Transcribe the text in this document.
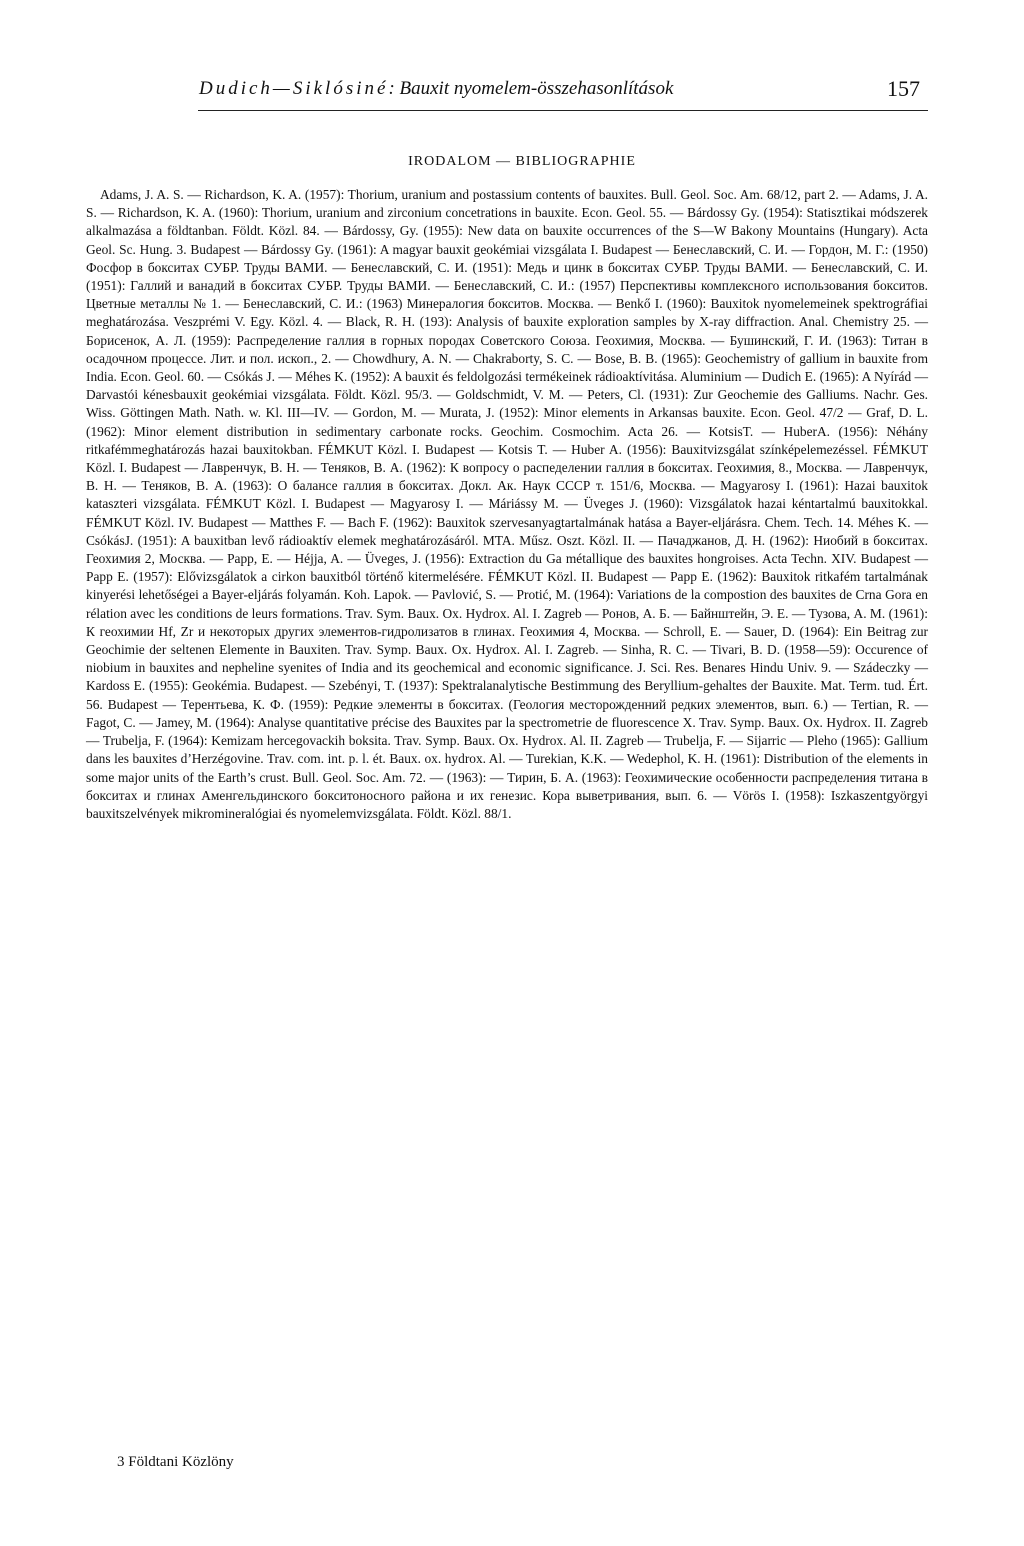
Dudich—Siklósiné: Bauxit nyomelem-összehasonlítások	157
IRODALOM — BIBLIOGRAPHIE

Adams, J. A. S. — Richardson, K. A. (1957): Thorium, uranium and postassium contents of bauxites. Bull. Geol. Soc. Am. 68/12, part 2. — Adams, J. A. S. — Richardson, K. A. (1960): Thorium, uranium and zirconium concetrations in bauxite. Econ. Geol. 55. — Bárdossy Gy. (1954): Statisztikai módszerek alkalmazása a földtanban. Földt. Közl. 84. — Bárdossy, Gy. (1955): New data on bauxite occurrences of the S—W Bakony Mountains (Hungary). Acta Geol. Sc. Hung. 3. Budapest — Bárdossy Gy. (1961): A magyar bauxit geokémiai vizsgálata I. Budapest — Бенеславский, С. И. — Гордон, М. Г.: (1950) Фосфор в бокситах СУБР. Труды ВАМИ. — Бенеславский, С. И. (1951): Медь и цинк в бокситах СУБР. Труды ВАМИ. — Бенеславский, С. И. (1951): Галлий и ванадий в бокситах СУБР. Труды ВАМИ. — Бенеславский, С. И.: (1957) Перспективы комплексного использования бокситов. Цветные металлы № 1. — Бенеславский, С. И.: (1963) Минералогия бокситов. Москва. — Benkő I. (1960): Bauxitok nyomelemeinek spektrográfiai meghatározása. Veszprémi V. Egy. Közl. 4. — Black, R. H. (193): Analysis of bauxite exploration samples by X-ray diffraction. Anal. Chemistry 25. — Борисенок, А. Л. (1959): Распределение галлия в горных породах Советского Союза. Геохимия, Москва. — Бушинский, Г. И. (1963): Титан в осадочном процессе. Лит. и пол. ископ., 2. — Chowdhury, A. N. — Chakraborty, S. C. — Bose, B. B. (1965): Geochemistry of gallium in bauxite from India. Econ. Geol. 60. — Csókás J. — Méhes K. (1952): A bauxit és feldolgozási termékeinek rádioaktívitása. Aluminium — Dudich E. (1965): A Nyírád — Darvastói kénesbauxit geokémiai vizsgálata. Földt. Közl. 95/3. — Goldschmidt, V. M. — Peters, Cl. (1931): Zur Geochemie des Galliums. Nachr. Ges. Wiss. Göttingen Math. Nath. w. Kl. III—IV. — Gordon, M. — Murata, J. (1952): Minor elements in Arkansas bauxite. Econ. Geol. 47/2 — Graf, D. L. (1962): Minor element distribution in sedimentary carbonate rocks. Geochim. Cosmochim. Acta 26. — KotsisT. — HuberA. (1956): Néhány ritkafémmeghatározás hazai bauxitokban. FÉMKUT Közl. I. Budapest — Kotsis T. — Huber A. (1956): Bauxitvizsgálat színképelemezéssel. FÉMKUT Közl. I. Budapest — Лавренчук, В. Н. — Теняков, В. А. (1962): К вопросу о распеделении галлия в бокситах. Геохимия, 8., Москва. — Лавренчук, В. Н. — Теняков, В. А. (1963): О балансе галлия в бокситах. Докл. Ак. Наук СССР т. 151/6, Москва. — Magyarosy I. (1961): Hazai bauxitok kataszteri vizsgálata. FÉMKUT Közl. I. Budapest — Magyarosy I. — Máriássy M. — Üveges J. (1960): Vizsgálatok hazai kéntartalmú bauxitokkal. FÉMKUT Közl. IV. Budapest — Matthes F. — Bach F. (1962): Bauxitok szervesanyagtartalmának hatása a Bayer-eljárásra. Chem. Tech. 14. Méhes K. — CsókásJ. (1951): A bauxitban levő rádioaktív elemek meghatározásáról. MTA. Műsz. Oszt. Közl. II. — Пачаджанов, Д. Н. (1962): Ниобий в бокситах. Геохимия 2, Москва. — Papp, E. — Héjja, A. — Üveges, J. (1956): Extraction du Ga métallique des bauxites hongroises. Acta Techn. XIV. Budapest — Papp E. (1957): Elővizsgálatok a cirkon bauxitból történő kitermelésére. FÉMKUT Közl. II. Budapest — Papp E. (1962): Bauxitok ritkafém tartalmának kinyerési lehetőségei a Bayer-eljárás folyamán. Koh. Lapok. — Pavlović, S. — Protić, M. (1964): Variations de la compostion des bauxites de Crna Gora en rélation avec les conditions de leurs formations. Trav. Sym. Baux. Ox. Hydrox. Al. I. Zagreb — Ронов, А. Б. — Байнштейн, Э. Е. — Тузова, А. М. (1961): К геохимии Hf, Zr и некоторых других элементов-гидролизатов в глинах. Геохимия 4, Москва. — Schroll, E. — Sauer, D. (1964): Ein Beitrag zur Geochimie der seltenen Elemente in Bauxiten. Trav. Symp. Baux. Ox. Hydrox. Al. I. Zagreb. — Sinha, R. C. — Tivari, B. D. (1958—59): Occurence of niobium in bauxites and nepheline syenites of India and its geochemical and economic significance. J. Sci. Res. Benares Hindu Univ. 9. — Szádeczky — Kardoss E. (1955): Geokémia. Budapest. — Szebényi, T. (1937): Spektralanalytische Bestimmung des Beryllium-gehaltes der Bauxite. Mat. Term. tud. Ért. 56. Budapest — Терентьева, К. Ф. (1959): Редкие элементы в бокситах. (Геология месторожденний редких элементов, вып. 6.) — Tertian, R. — Fagot, C. — Jamey, M. (1964): Analyse quantitative précise des Bauxites par la spectrometrie de fluorescence X. Trav. Symp. Baux. Ox. Hydrox. II. Zagreb — Trubelja, F. (1964): Kemizam hercegovackih boksita. Trav. Symp. Baux. Ox. Hydrox. Al. II. Zagreb — Trubelja, F. — Sijarric — Pleho (1965): Gallium dans les bauxites d’Herzégovine. Trav. com. int. p. l. ét. Baux. ox. hydrox. Al. — Turekian, K.K. — Wedephol, K. H. (1961): Distribution of the elements in some major units of the Earth’s crust. Bull. Geol. Soc. Am. 72. — (1963): — Тирин, Б. А. (1963): Геохимические особенности распределения титана в бокситах и глинах Аменгельдинского бокситоносного района и их генезис. Кора выветривания, вып. 6. — Vörös I. (1958): Iszkaszentgyörgyi bauxitszelvények mikromineralógiai és nyomelemvizsgálata. Földt. Közl. 88/1.

3 Földtani Közlöny
